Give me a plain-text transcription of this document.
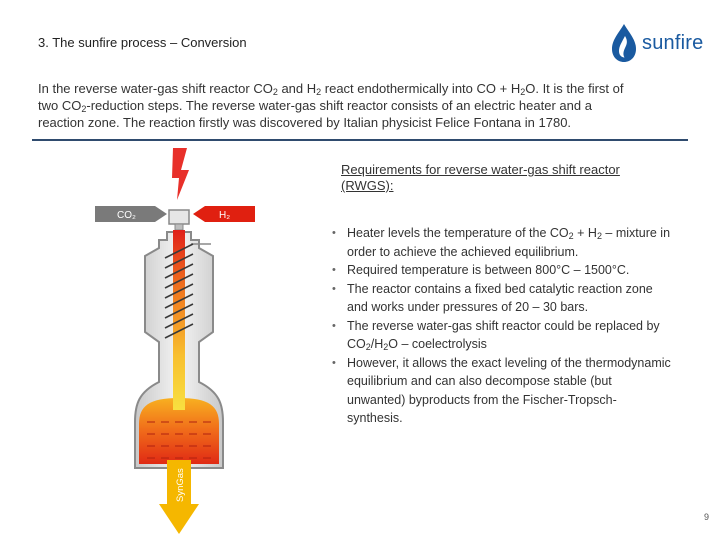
3. The sunfire process – Conversion	sunfire
In the reverse water-gas shift reactor $CO_2$ and $H_2$ react endothermically into CO + $H_2O$. It is the first of
two $CO_2$-reduction steps. The reverse water-gas shift reactor consists of an electric heater and a
reaction zone. The reaction firstly was discovered by Italian physicist Felice Fontana in 1780.
Requirements for reverse water-gas shift reactor (RWGS):
• Heater levels the temperature of the $CO_2 + H_2$ – mixture in order to achieve the achieved equilibrium.
• Required temperature is between 800°C – 1500°C.
• The reactor contains a fixed bed catalytic reaction zone and works under pressures of 20 – 30 bars.
• The reverse water-gas shift reactor could be replaced by $CO_2/H_2O$ – coelectrolysis
• However, it allows the exact leveling of the thermodynamic equilibrium and can also decompose stable (but unwanted) byproducts from the Fischer-Tropsch-synthesis.
CO₂	H₂
SynGas
9
